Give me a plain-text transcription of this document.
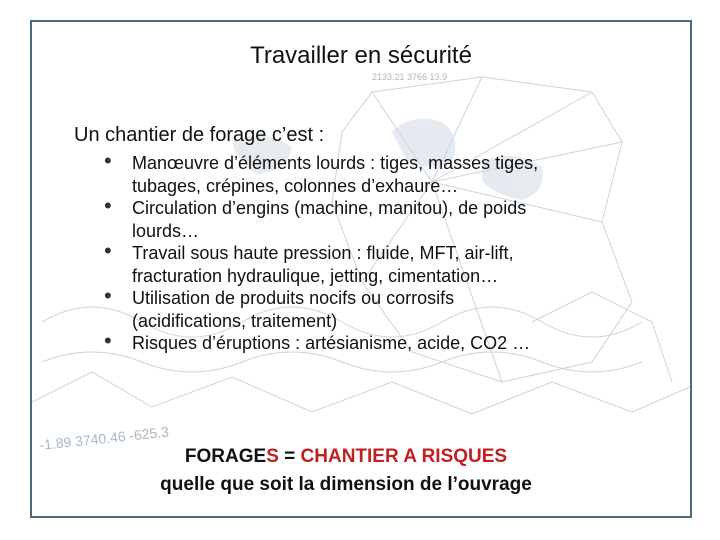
2133.21 3766 13.9
-1.89 3740.46 -625.3
Travailler en sécurité
Un chantier de forage c’est :
• Manœuvre d’éléments lourds : tiges, masses tiges, tubages, crépines, colonnes d’exhaure…
• Circulation d’engins (machine, manitou), de poids lourds…
• Travail sous haute pression : fluide, MFT, air-lift, fracturation hydraulique, jetting, cimentation…
• Utilisation de produits nocifs ou corrosifs (acidifications, traitement)
• Risques d’éruptions : artésianisme, acide, CO2 …
FORAGES = CHANTIER A RISQUES
quelle que soit la dimension de l’ouvrage
